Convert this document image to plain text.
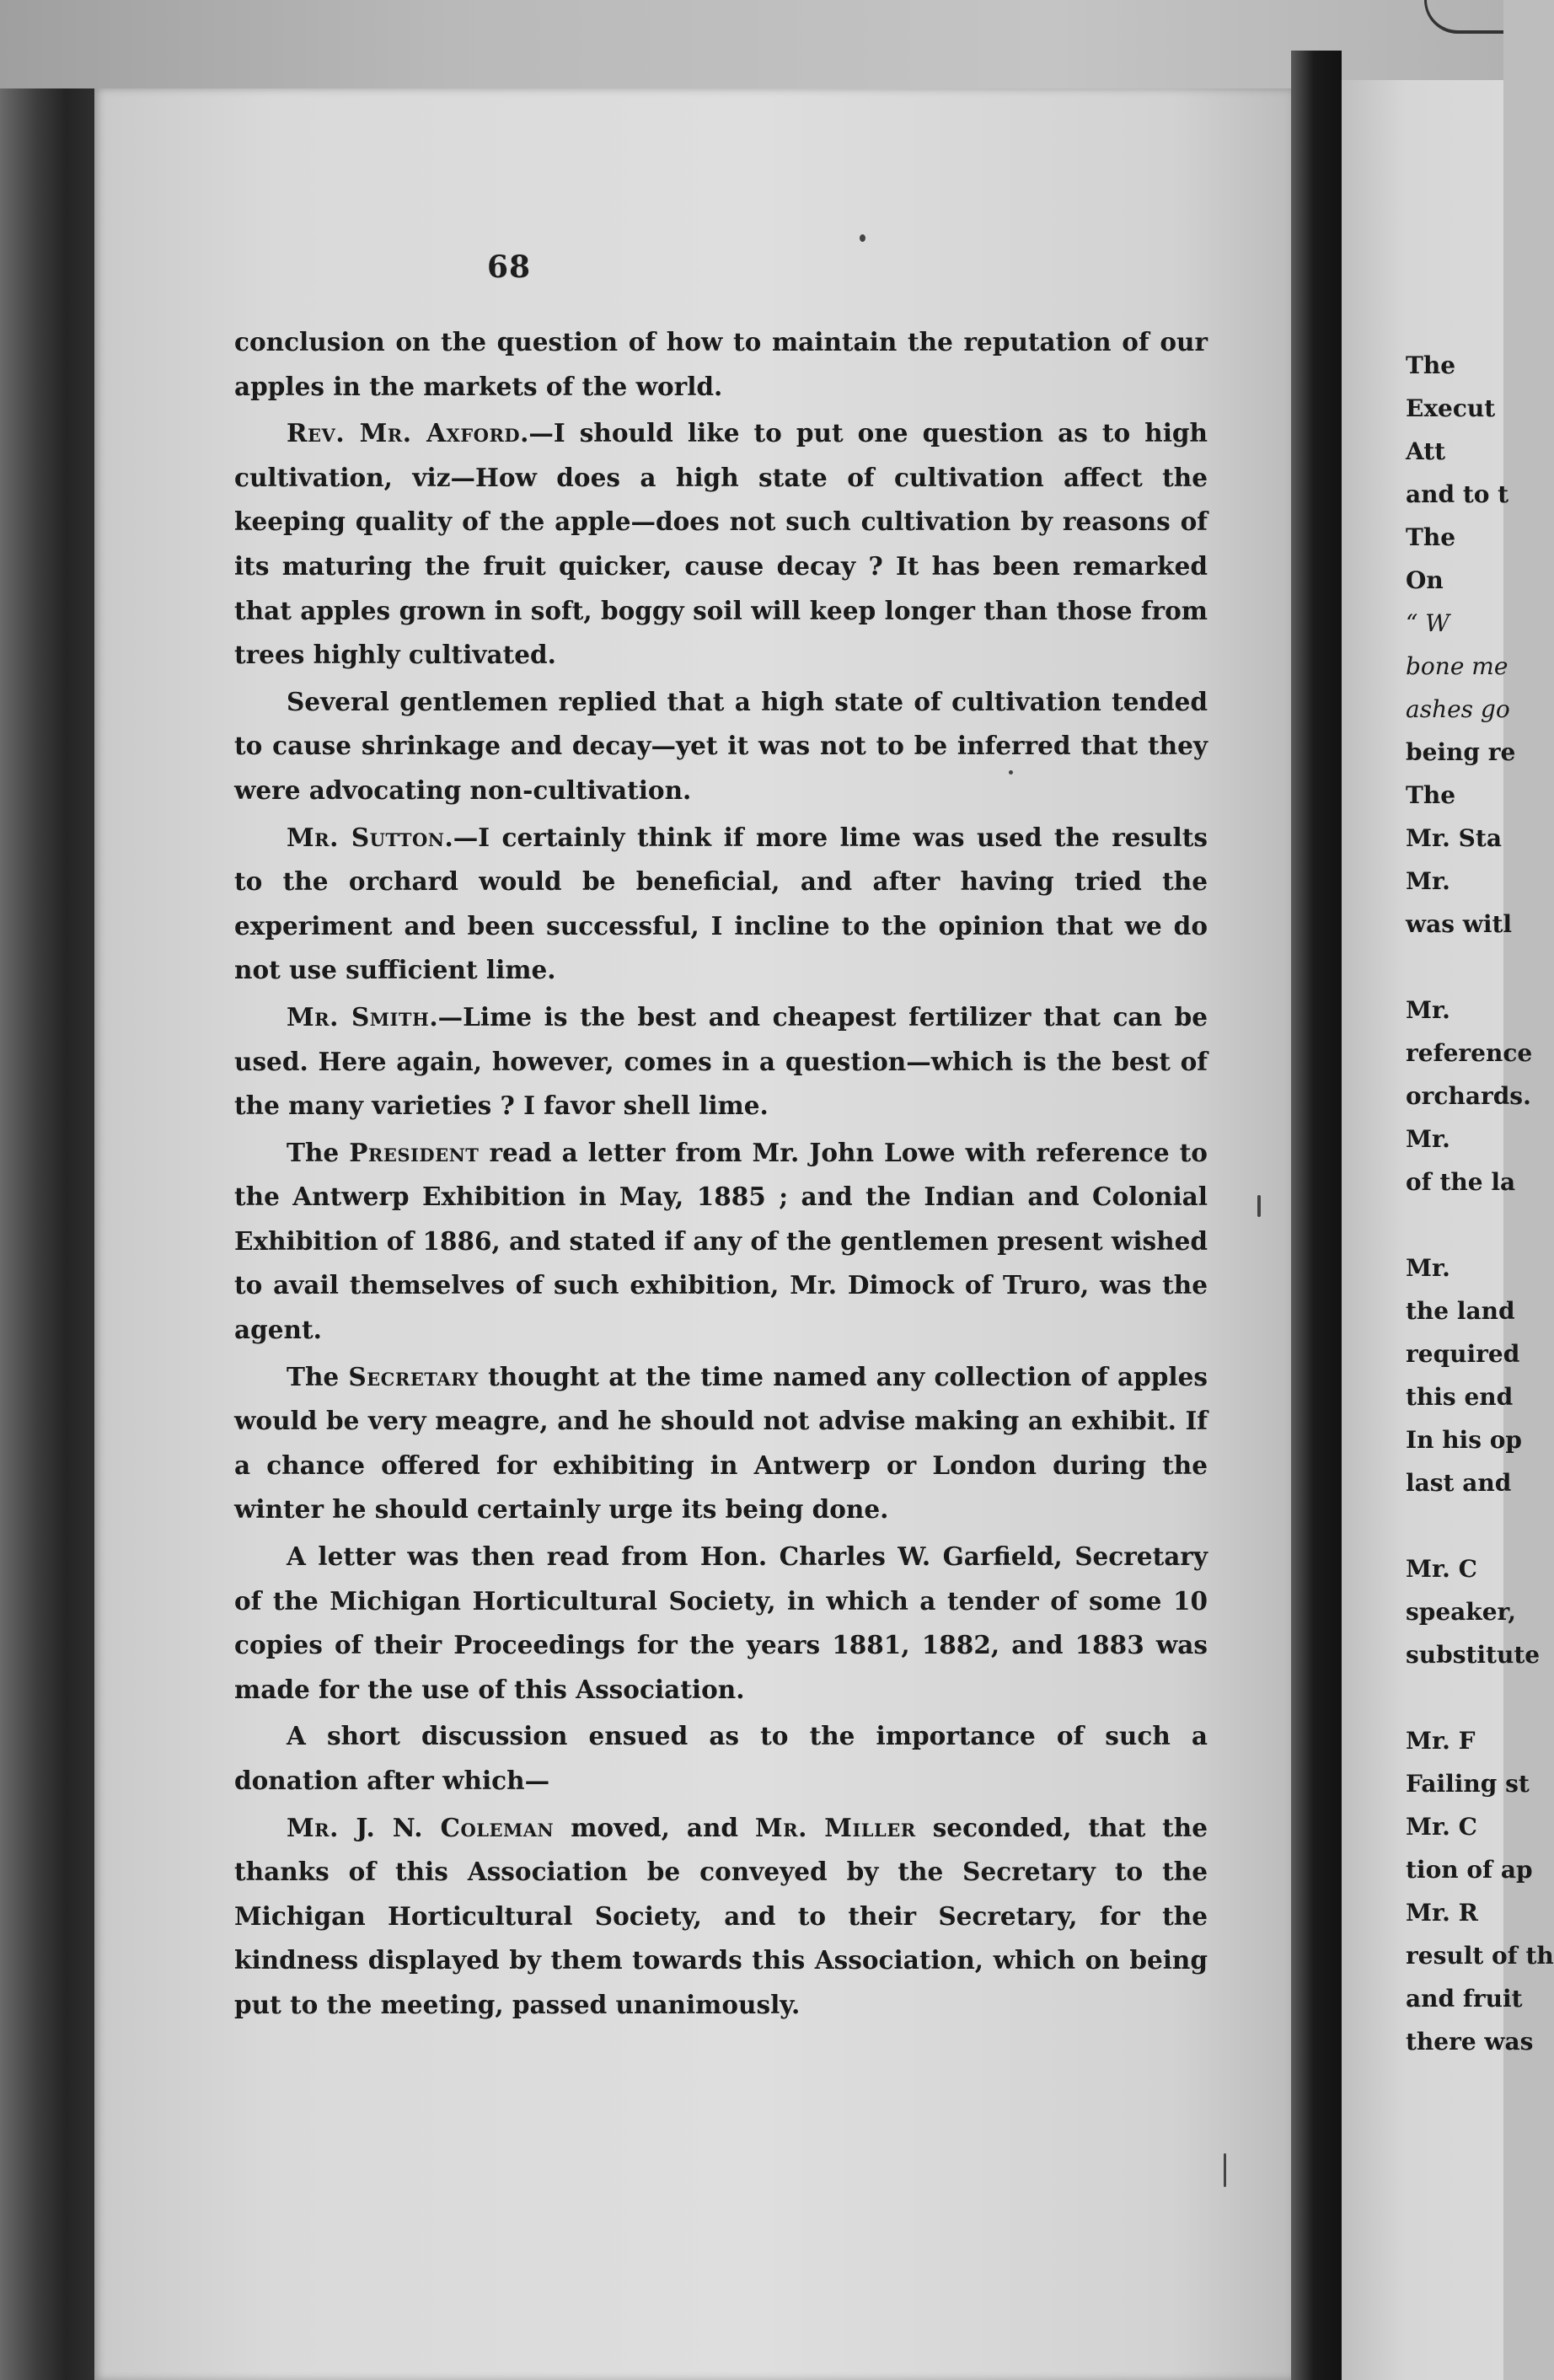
68

conclusion on the question of how to maintain the reputation of our apples in the markets of the world.

Rev. Mr. Axford.—I should like to put one question as to high cultivation, viz—How does a high state of cultivation affect the keeping quality of the apple—does not such cultivation by reasons of its maturing the fruit quicker, cause decay ? It has been remarked that apples grown in soft, boggy soil will keep longer than those from trees highly cultivated.

Several gentlemen replied that a high state of cultivation tended to cause shrinkage and decay—yet it was not to be inferred that they were advocating non-cultivation.

Mr. Sutton.—I certainly think if more lime was used the results to the orchard would be beneficial, and after having tried the experiment and been successful, I incline to the opinion that we do not use sufficient lime.

Mr. Smith.—Lime is the best and cheapest fertilizer that can be used. Here again, however, comes in a question—which is the best of the many varieties ? I favor shell lime.

The President read a letter from Mr. John Lowe with reference to the Antwerp Exhibition in May, 1885 ; and the Indian and Colonial Exhibition of 1886, and stated if any of the gentlemen present wished to avail themselves of such exhibition, Mr. Dimock of Truro, was the agent.

The Secretary thought at the time named any collection of apples would be very meagre, and he should not advise making an exhibit. If a chance offered for exhibiting in Antwerp or London during the winter he should certainly urge its being done.

A letter was then read from Hon. Charles W. Garfield, Secretary of the Michigan Horticultural Society, in which a tender of some 10 copies of their Proceedings for the years 1881, 1882, and 1883 was made for the use of this Association.

A short discussion ensued as to the importance of such a donation after which—

Mr. J. N. Coleman moved, and Mr. Miller seconded, that the thanks of this Association be conveyed by the Secretary to the Michigan Horticultural Society, and to their Secretary, for the kindness displayed by them towards this Association, which on being put to the meeting, passed unanimously.

The
Execut
Att
and to t
The
On
“ W
bone me
ashes go
being re
The
Mr. Sta
Mr.
was witl
Mr.
reference
orchards.
Mr.
of the la
Mr.
the land
required
this end
In his op
last and
Mr. C
speaker,
substitute
Mr. F
Failing st
Mr. C
tion of ap
Mr. R
result of th
and fruit
there was
